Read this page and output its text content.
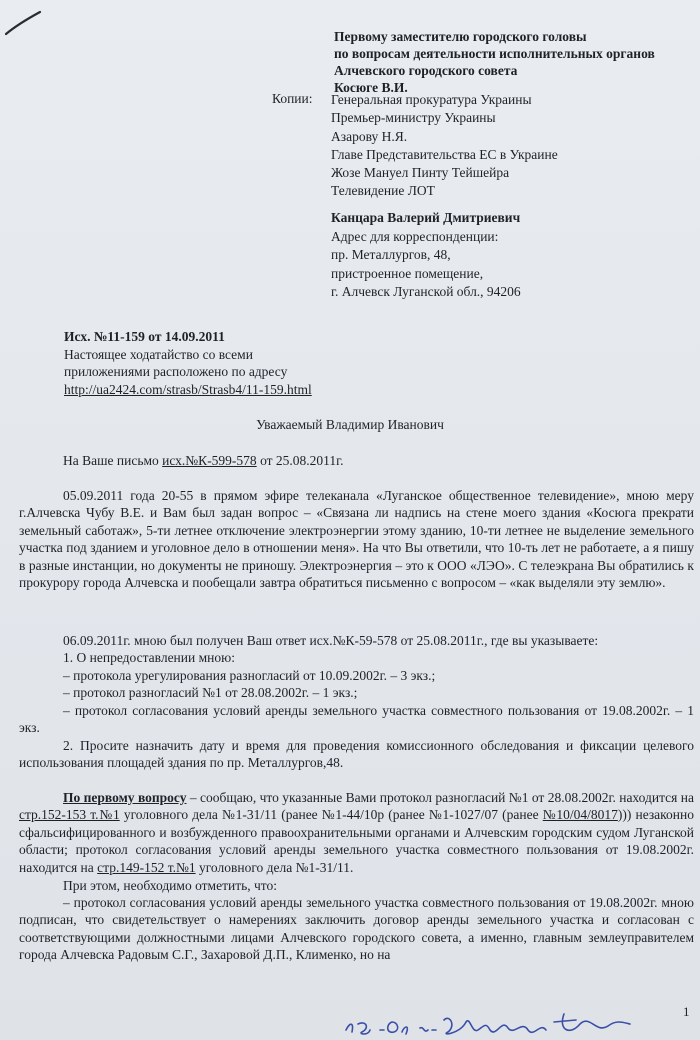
Первому заместителю городского головы
по вопросам деятельности исполнительных органов
Алчевского городского совета
Косюге В.И.
Копии: Генеральная прокуратура Украины
Премьер-министру Украины
Азарову Н.Я.
Главе Представительства ЕС в Украине
Жозе Мануел Пинту Тейшейра
Телевидение ЛОТ
Канцара Валерий Дмитриевич
Адрес для корреспонденции:
пр. Металлургов, 48,
пристроенное помещение,
г. Алчевск Луганской обл., 94206
Исх. №11-159 от 14.09.2011
Настоящее ходатайство со всеми
приложениями расположено по адресу
http://ua2424.com/strasb/Strasb4/11-159.html
Уважаемый Владимир Иванович
На Ваше письмо исх.№К-599-578 от 25.08.2011г.
05.09.2011 года 20-55 в прямом эфире телеканала «Луганское общественное телевидение», мною меру г.Алчевска Чубу В.Е. и Вам был задан вопрос – «Связана ли надпись на стене моего здания «Косюга прекрати земельный саботаж», 5-ти летнее отключение электроэнергии этому зданию, 10-ти летнее не выделение земельного участка под зданием и уголовное дело в отношении меня». На что Вы ответили, что 10-ть лет не работаете, а я пишу в разные инстанции, но документы не приношу. Электроэнергия – это к ООО «ЛЭО». С телеэкрана Вы обратились к прокурору города Алчевска и пообещали завтра обратиться письменно с вопросом – «как выделяли эту землю».
06.09.2011г. мною был получен Ваш ответ исх.№К-59-578 от 25.08.2011г., где вы указываете:
1. О непредоставлении мною:
– протокола урегулирования разногласий от 10.09.2002г. – 3 экз.;
– протокол разногласий №1 от 28.08.2002г. – 1 экз.;
– протокол согласования условий аренды земельного участка совместного пользования от 19.08.2002г. – 1 экз.
2. Просите назначить дату и время для проведения комиссионного обследования и фиксации целевого использования площадей здания по пр. Металлургов,48.
По первому вопросу – сообщаю, что указанные Вами протокол разногласий №1 от 28.08.2002г. находится на стр.152-153 т.№1 уголовного дела №1-31/11 (ранее №1-44/10р (ранее №1-1027/07 (ранее №10/04/8017))) незаконно сфальсифицированного и возбужденного правоохранительными органами и Алчевским городским судом Луганской области; протокол согласования условий аренды земельного участка совместного пользования от 19.08.2002г. находится на стр.149-152 т.№1 уголовного дела №1-31/11.
При этом, необходимо отметить, что:
– протокол согласования условий аренды земельного участка совместного пользования от 19.08.2002г. мною подписан, что свидетельствует о намерениях заключить договор аренды земельного участка и согласован с соответствующими должностными лицами Алчевского городского совета, а именно, главным землеуправителем города Алчевска Радовым С.Г., Захаровой Д.П., Клименко, но на
1
